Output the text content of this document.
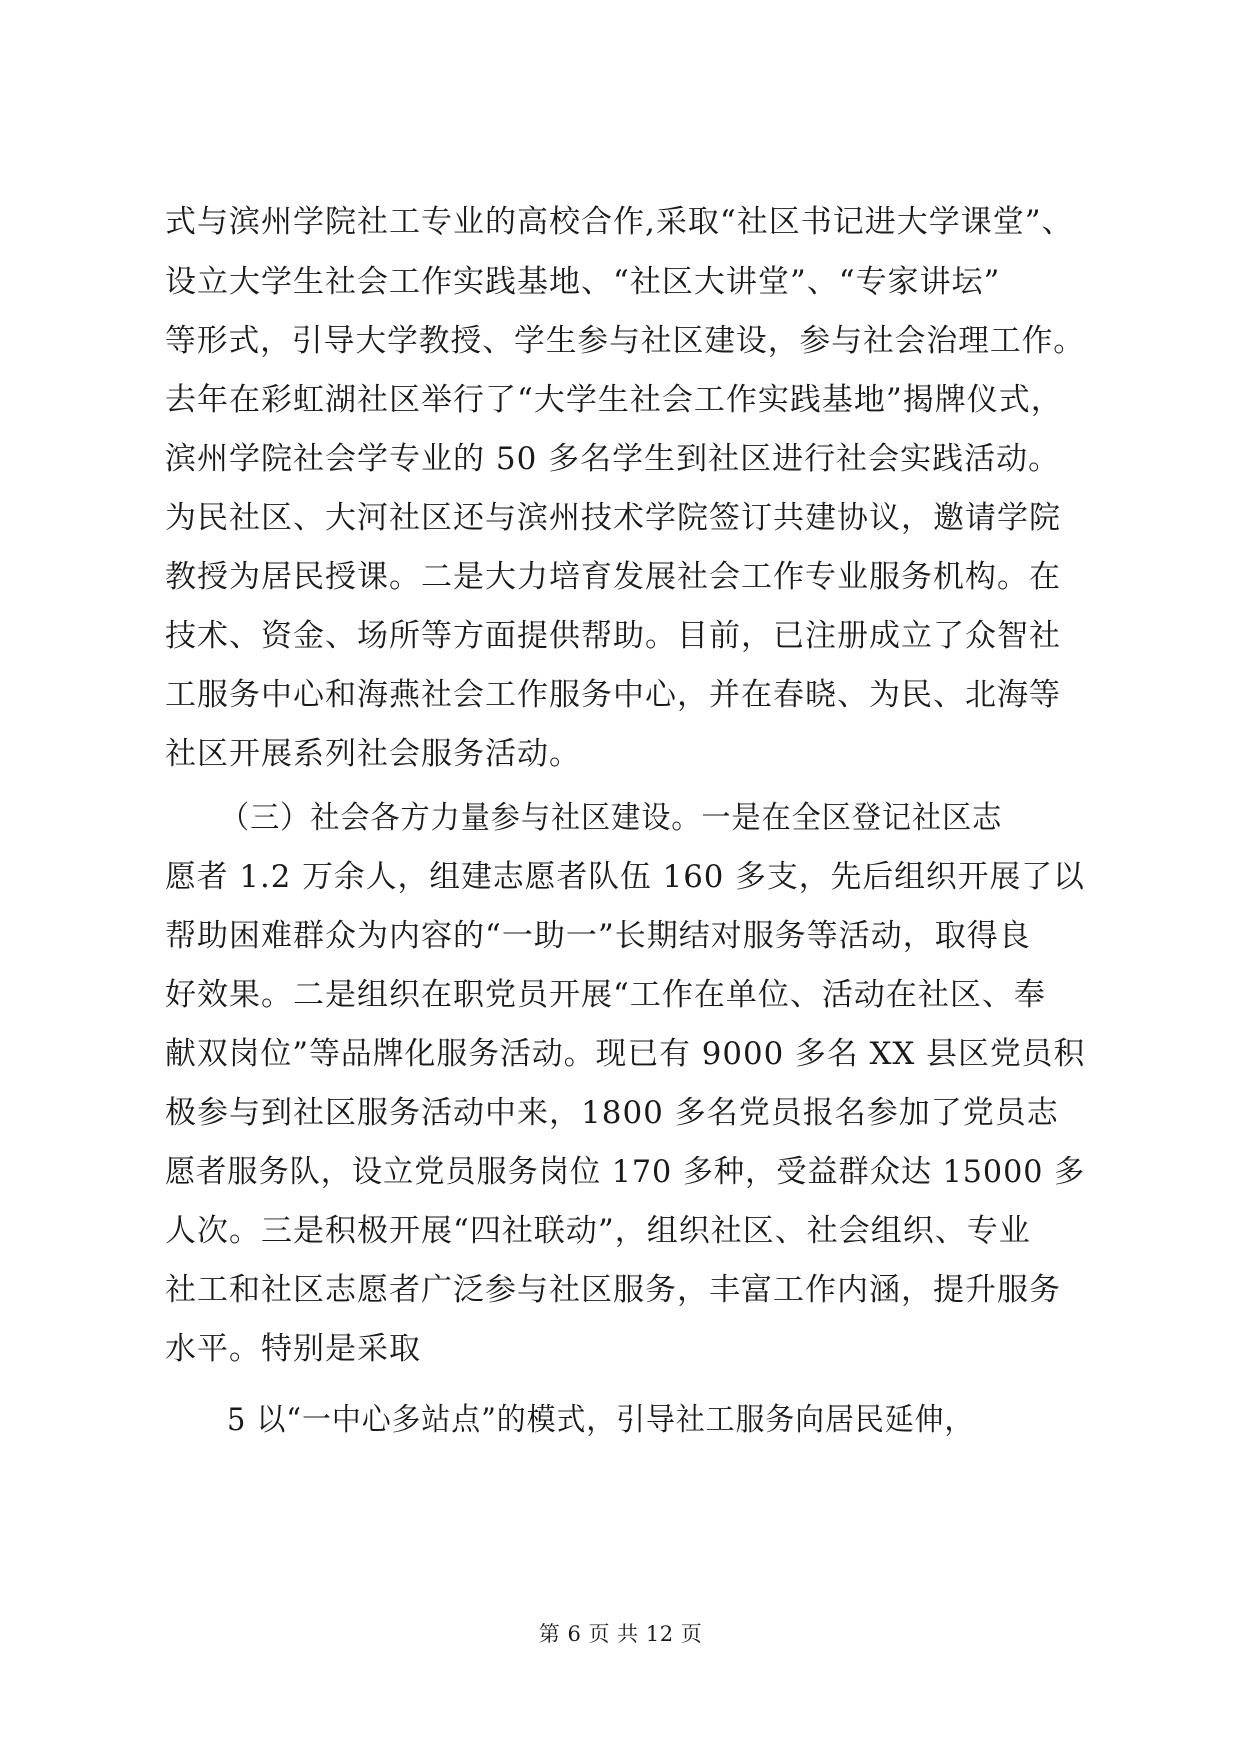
式与滨州学院社工专业的高校合作,采取“社区书记进大学课堂”、
设立大学生社会工作实践基地、“社区大讲堂”、“专家讲坛”
等形式，引导大学教授、学生参与社区建设，参与社会治理工作。
去年在彩虹湖社区举行了“大学生社会工作实践基地”揭牌仪式，
滨州学院社会学专业的 50 多名学生到社区进行社会实践活动。
为民社区、大河社区还与滨州技术学院签订共建协议，邀请学院
教授为居民授课。二是大力培育发展社会工作专业服务机构。在
技术、资金、场所等方面提供帮助。目前，已注册成立了众智社
工服务中心和海燕社会工作服务中心，并在春晓、为民、北海等
社区开展系列社会服务活动。
（三）社会各方力量参与社区建设。一是在全区登记社区志
愿者 1.2 万余人，组建志愿者队伍 160 多支，先后组织开展了以
帮助困难群众为内容的“一助一”长期结对服务等活动，取得良
好效果。二是组织在职党员开展“工作在单位、活动在社区、奉
献双岗位”等品牌化服务活动。现已有 9000 多名 XX 县区党员积
极参与到社区服务活动中来，1800 多名党员报名参加了党员志
愿者服务队，设立党员服务岗位 170 多种，受益群众达 15000 多
人次。三是积极开展“四社联动”，组织社区、社会组织、专业
社工和社区志愿者广泛参与社区服务，丰富工作内涵，提升服务
水平。特别是采取
5 以“一中心多站点”的模式，引导社工服务向居民延伸，
第 6 页 共 12 页
